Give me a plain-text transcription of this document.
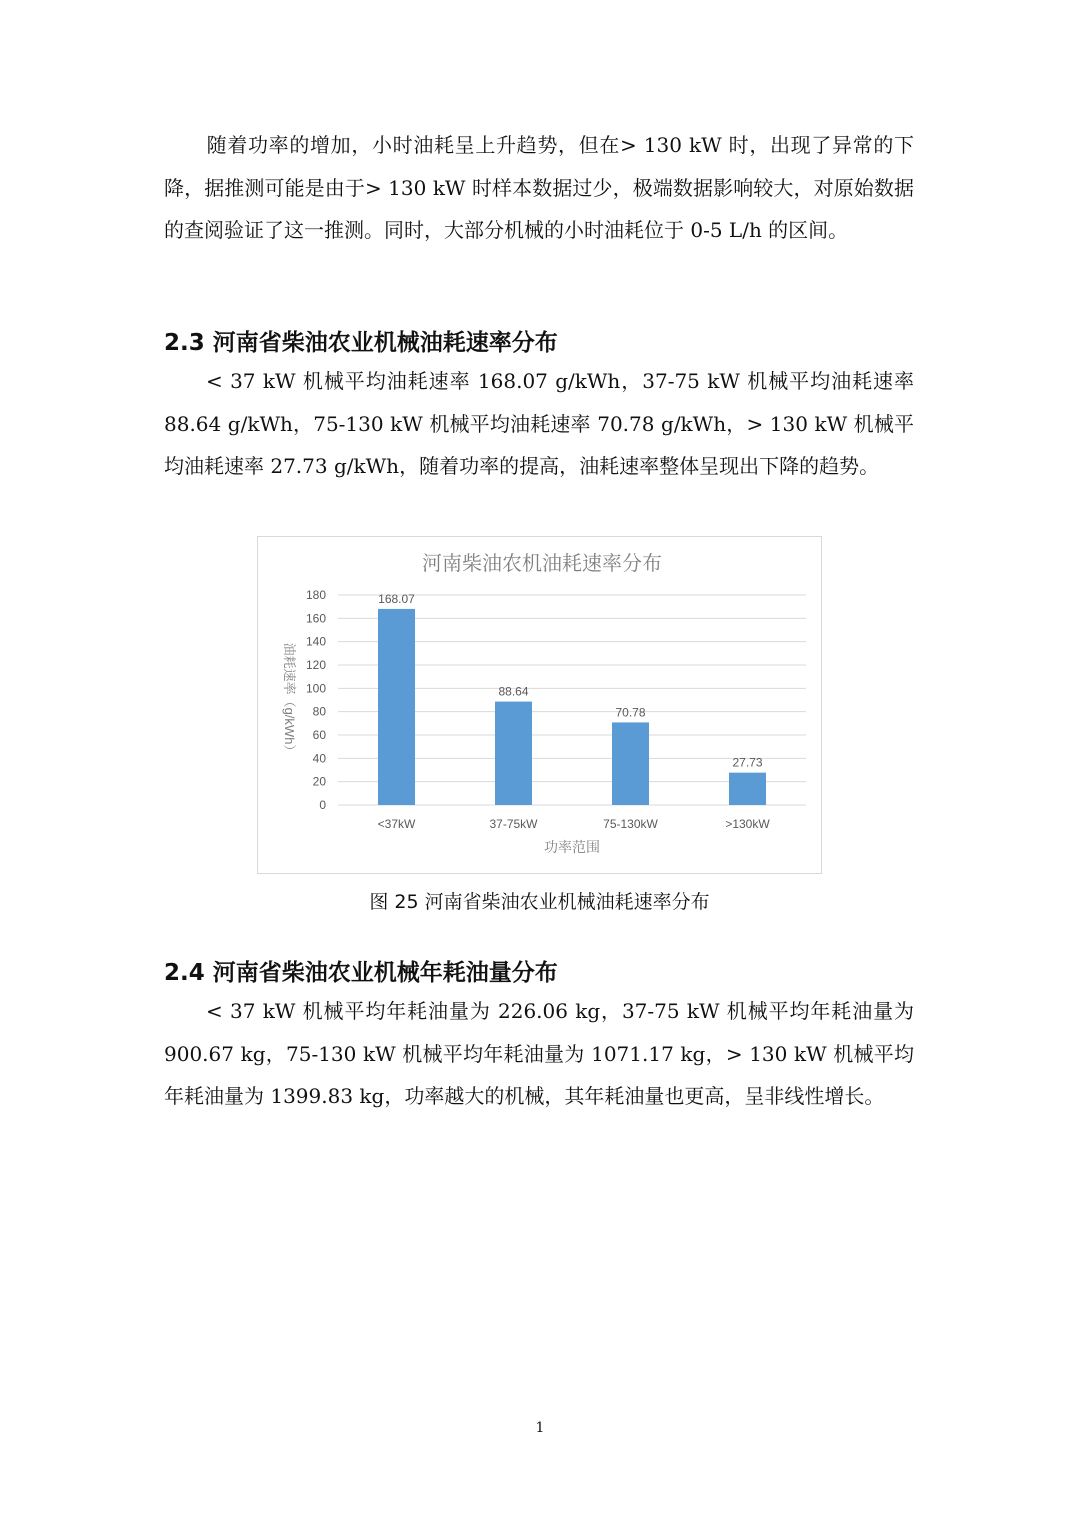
随着功率的增加，小时油耗呈上升趋势，但在> 130 kW 时，出现了异常的下降，据推测可能是由于> 130 kW 时样本数据过少，极端数据影响较大，对原始数据的查阅验证了这一推测。同时，大部分机械的小时油耗位于 0-5 L/h 的区间。

2.3 河南省柴油农业机械油耗速率分布

< 37 kW 机械平均油耗速率 168.07 g/kWh，37-75 kW 机械平均油耗速率 88.64 g/kWh，75-130 kW 机械平均油耗速率 70.78 g/kWh，> 130 kW 机械平均油耗速率 27.73 g/kWh，随着功率的提高，油耗速率整体呈现出下降的趋势。

河南柴油农机油耗速率分布
0
20
40
60
80
100
120
140
160
180
油耗速率（g/kWh）
168.07
<37kW
88.64
37-75kW
70.78
75-130kW
27.73
>130kW
功率范围

图 25 河南省柴油农业机械油耗速率分布

2.4 河南省柴油农业机械年耗油量分布

< 37 kW 机械平均年耗油量为 226.06 kg，37-75 kW 机械平均年耗油量为 900.67 kg，75-130 kW 机械平均年耗油量为 1071.17 kg，> 130 kW 机械平均年耗油量为 1399.83 kg，功率越大的机械，其年耗油量也更高，呈非线性增长。

1
